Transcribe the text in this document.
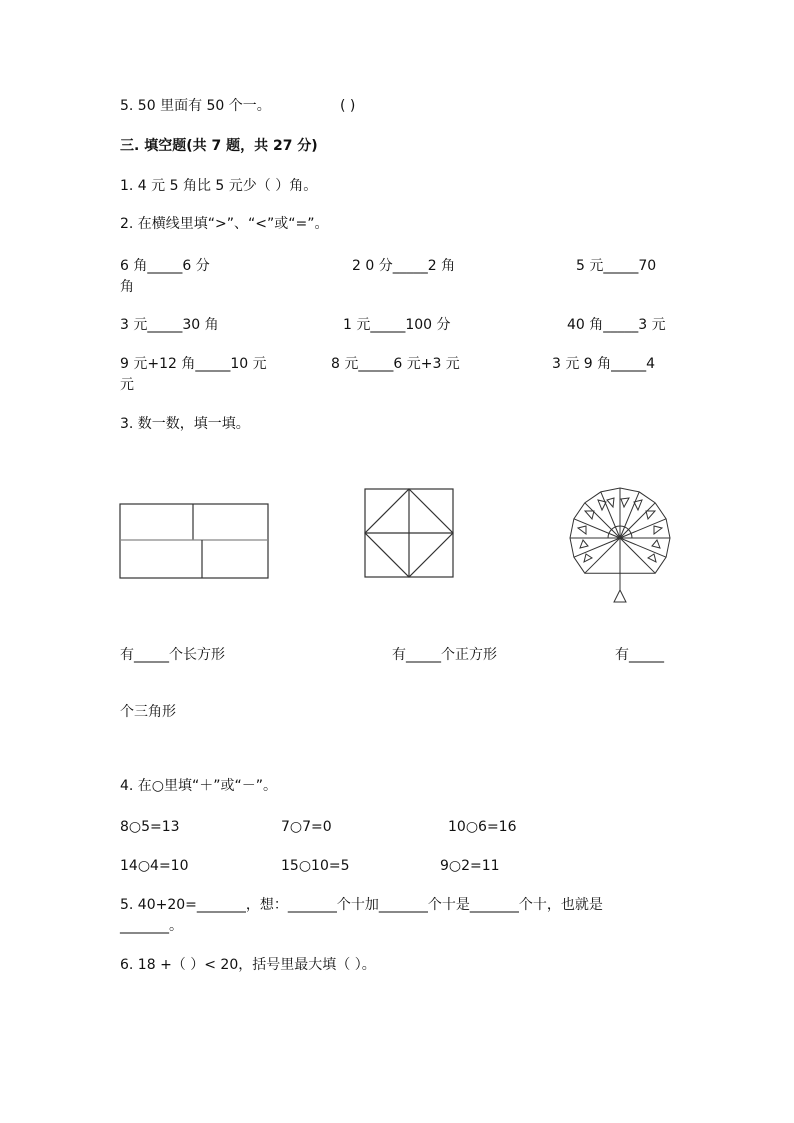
5. 50 里面有 50 个一。	( )
三. 填空题(共 7 题，共 27 分)
1. 4 元 5 角比 5 元少（ ）角。
2. 在横线里填“>”、“<”或“=”。
6 角_____6 分	2 0 分_____2 角	5 元_____70
角
3 元_____30 角	1 元_____100 分	40 角_____3 元
9 元+12 角_____10 元	8 元_____6 元+3 元	3 元 9 角_____4
元
3. 数一数，填一填。
有_____个长方形	有_____个正方形	有_____
个三角形
4. 在○里填“＋”或“－”。
8○5=13	7○7=0	10○6=16
14○4=10	15○10=5	9○2=11
5. 40+20=_______，想：_______个十加_______个十是_______个十，也就是
_______。
6. 18 +（ ）< 20，括号里最大填（ ）。
